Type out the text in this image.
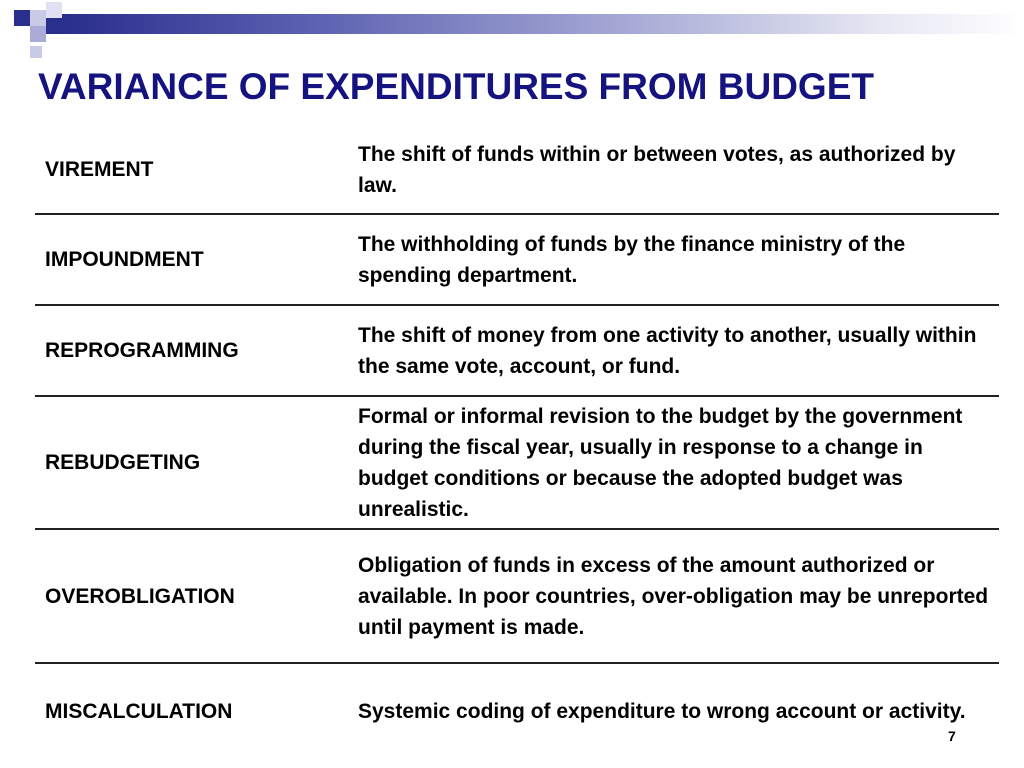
VARIANCE OF EXPENDITURES FROM BUDGET
VIREMENT	The shift of funds within or between votes, as authorized by law.
IMPOUNDMENT	The withholding of funds by the finance ministry of the spending department.
REPROGRAMMING	The shift of money from one activity to another, usually within the same vote, account, or fund.
REBUDGETING	Formal or informal revision to the budget by the government during the fiscal year, usually in response to a change in budget conditions or because the adopted budget was unrealistic.
OVEROBLIGATION	Obligation of funds in excess of the amount authorized or available. In poor countries, over-obligation may be unreported until payment is made.
MISCALCULATION	Systemic coding of expenditure to wrong account or activity.
7
